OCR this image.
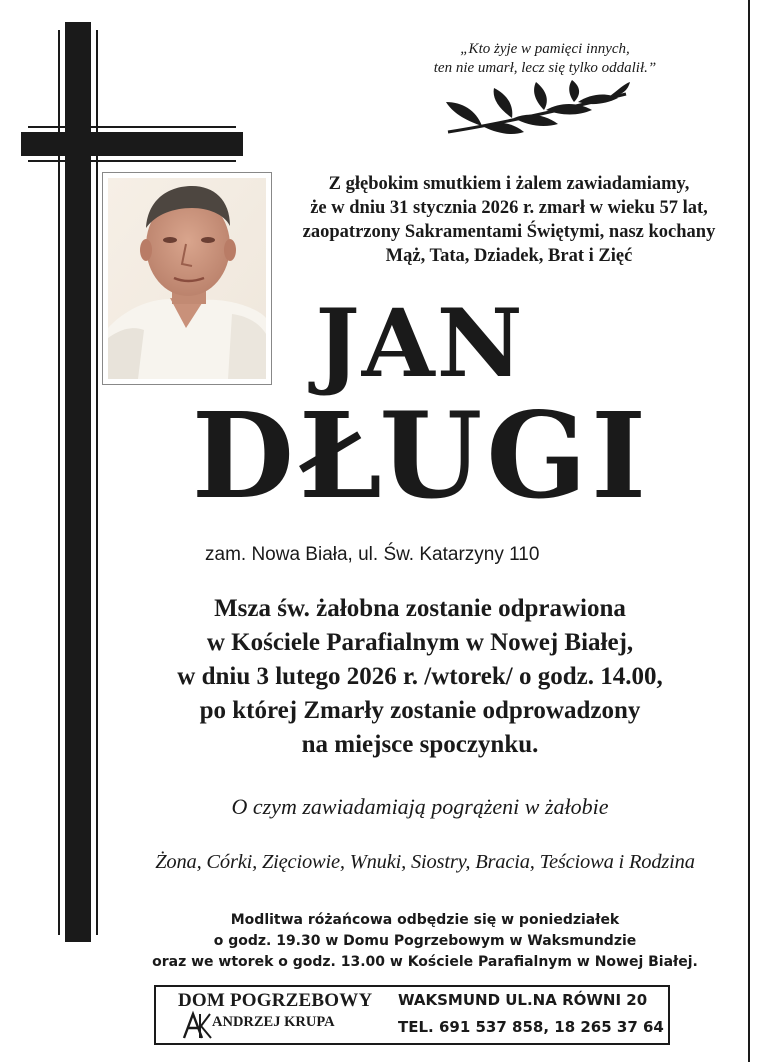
„Kto żyje w pamięci innych,
ten nie umarł, lecz się tylko oddalił.”
Z głębokim smutkiem i żalem zawiadamiamy,
że w dniu 31 stycznia 2026 r. zmarł w wieku 57 lat,
zaopatrzony Sakramentami Świętymi, nasz kochany
Mąż, Tata, Dziadek, Brat i Zięć
JAN
DŁUGI
zam. Nowa Biała, ul. Św. Katarzyny 110
Msza św. żałobna zostanie odprawiona
w Kościele Parafialnym w Nowej Białej,
w dniu 3 lutego 2026 r. /wtorek/ o godz. 14.00,
po której Zmarły zostanie odprowadzony
na miejsce spoczynku.
O czym zawiadamiają pogrążeni w żałobie
Żona, Córki, Zięciowie, Wnuki, Siostry, Bracia, Teściowa i Rodzina
Modlitwa różańcowa odbędzie się w poniedziałek
o godz. 19.30 w Domu Pogrzebowym w Waksmundzie
oraz we wtorek o godz. 13.00 w Kościele Parafialnym w Nowej Białej.
DOM POGRZEBOWY
ANDRZEJ KRUPA
WAKSMUND UL.NA RÓWNI 20
TEL. 691 537 858, 18 265 37 64
